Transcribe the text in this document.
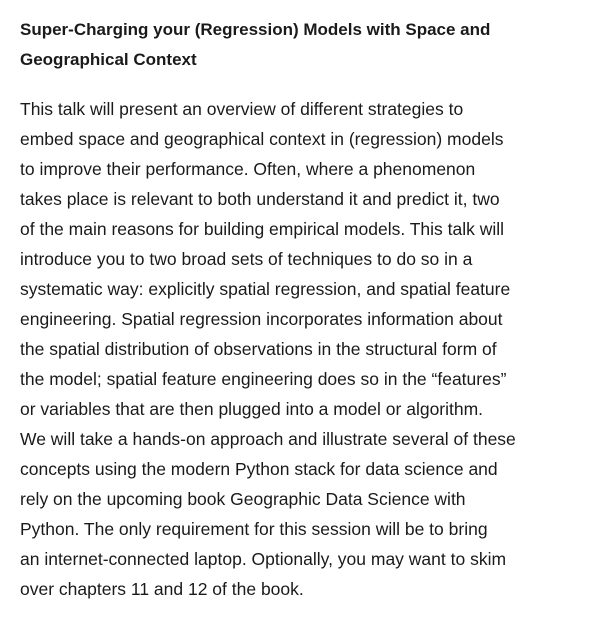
Super-Charging your (Regression) Models with Space and
Geographical Context
This talk will present an overview of different strategies to
embed space and geographical context in (regression) models
to improve their performance. Often, where a phenomenon
takes place is relevant to both understand it and predict it, two
of the main reasons for building empirical models. This talk will
introduce you to two broad sets of techniques to do so in a
systematic way: explicitly spatial regression, and spatial feature
engineering. Spatial regression incorporates information about
the spatial distribution of observations in the structural form of
the model; spatial feature engineering does so in the “features”
or variables that are then plugged into a model or algorithm.
We will take a hands-on approach and illustrate several of these
concepts using the modern Python stack for data science and
rely on the upcoming book Geographic Data Science with
Python. The only requirement for this session will be to bring
an internet-connected laptop. Optionally, you may want to skim
over chapters 11 and 12 of the book.
